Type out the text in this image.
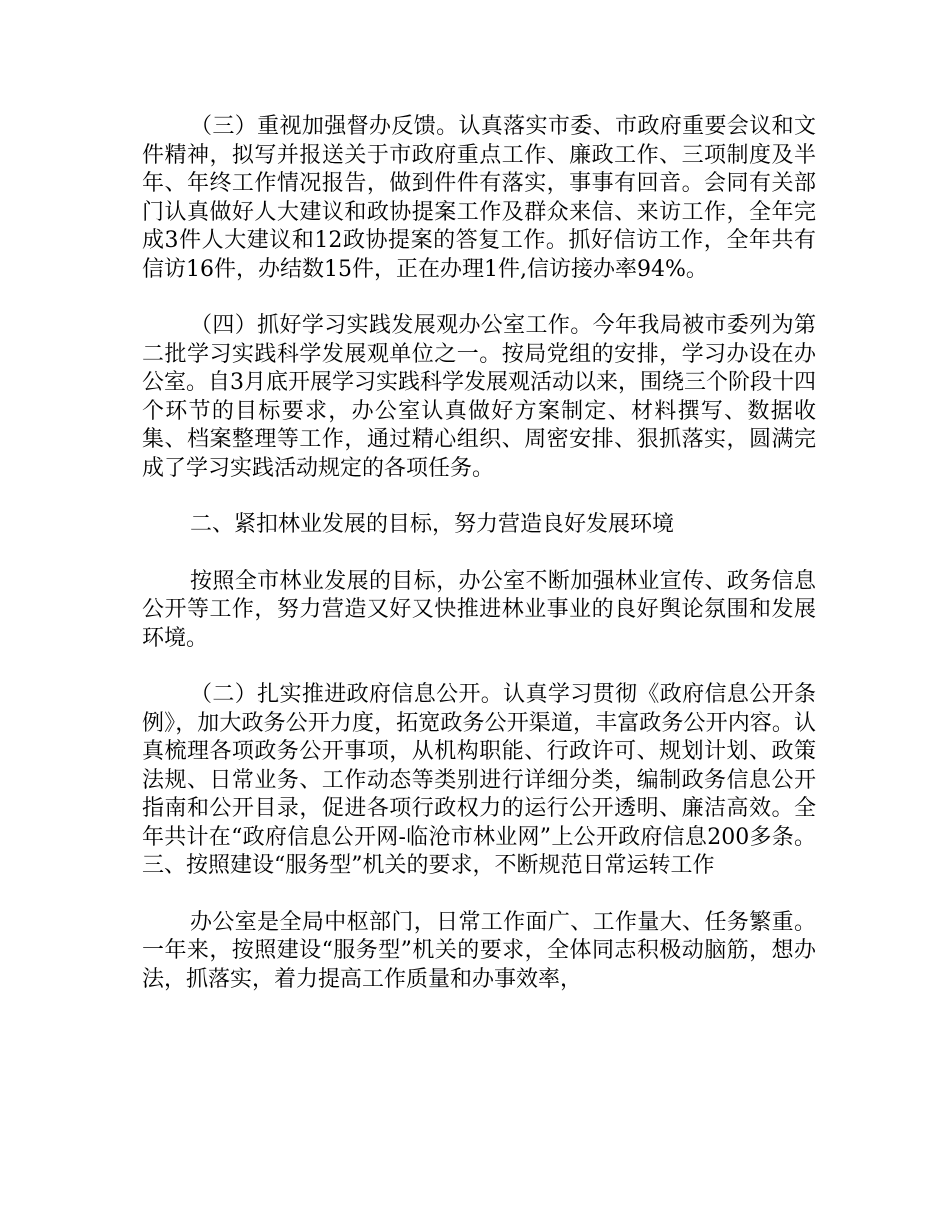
（三）重视加强督办反馈。认真落实市委、市政府重要会议和文件精神，拟写并报送关于市政府重点工作、廉政工作、三项制度及半年、年终工作情况报告，做到件件有落实，事事有回音。会同有关部门认真做好人大建议和政协提案工作及群众来信、来访工作，全年完成3件人大建议和12政协提案的答复工作。抓好信访工作，全年共有信访16件，办结数15件，正在办理1件,信访接办率94%。

（四）抓好学习实践发展观办公室工作。今年我局被市委列为第二批学习实践科学发展观单位之一。按局党组的安排，学习办设在办公室。自3月底开展学习实践科学发展观活动以来，围绕三个阶段十四个环节的目标要求，办公室认真做好方案制定、材料撰写、数据收集、档案整理等工作，通过精心组织、周密安排、狠抓落实，圆满完成了学习实践活动规定的各项任务。

二、紧扣林业发展的目标，努力营造良好发展环境

按照全市林业发展的目标，办公室不断加强林业宣传、政务信息公开等工作，努力营造又好又快推进林业事业的良好舆论氛围和发展环境。

（二）扎实推进政府信息公开。认真学习贯彻《政府信息公开条例》，加大政务公开力度，拓宽政务公开渠道，丰富政务公开内容。认真梳理各项政务公开事项，从机构职能、行政许可、规划计划、政策法规、日常业务、工作动态等类别进行详细分类，编制政务信息公开指南和公开目录，促进各项行政权力的运行公开透明、廉洁高效。全年共计在“政府信息公开网-临沧市林业网”上公开政府信息200多条。三、按照建设“服务型”机关的要求，不断规范日常运转工作

办公室是全局中枢部门，日常工作面广、工作量大、任务繁重。一年来，按照建设“服务型”机关的要求，全体同志积极动脑筋，想办法，抓落实，着力提高工作质量和办事效率，
